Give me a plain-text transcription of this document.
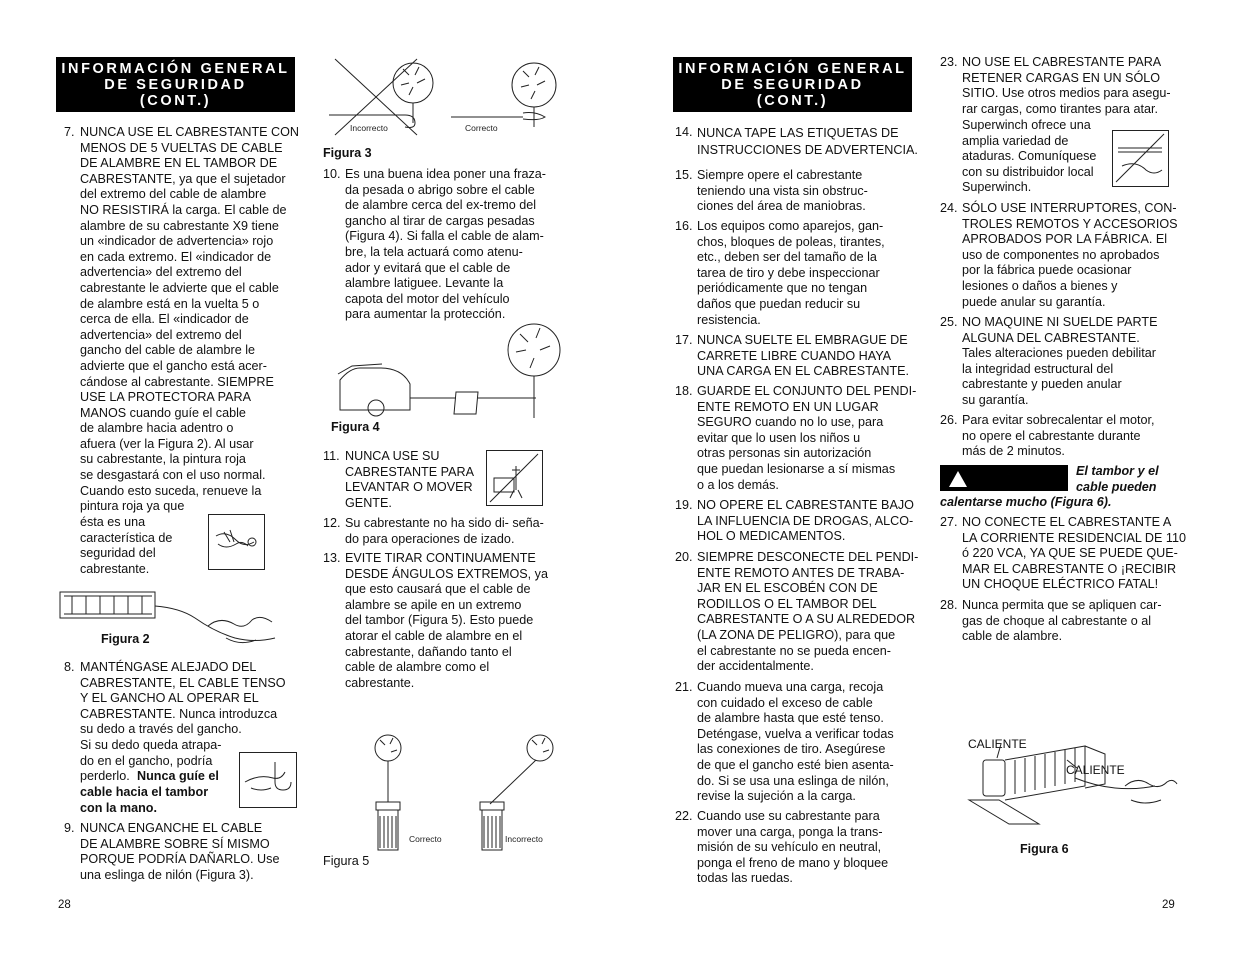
INFORMACIÓN GENERAL
DE SEGURIDAD
(CONT.)
7. NUNCA USE EL CABRESTANTE CON
MENOS DE 5 VUELTAS DE CABLE
DE ALAMBRE EN EL TAMBOR DE
CABRESTANTE, ya que el sujetador
del extremo del cable de alambre
NO RESISTIRÁ la carga. El cable de
alambre de su cabrestante X9 tiene
un «indicador de advertencia» rojo
en cada extremo. El «indicador de
advertencia» del extremo del
cabrestante le advierte que el cable
de alambre está en la vuelta 5 o
cerca de ella. El «indicador de
advertencia» del extremo del
gancho del cable de alambre le
advierte que el gancho está acer-
cándose al cabrestante. SIEMPRE
USE LA PROTECTORA PARA
MANOS cuando guíe el cable
de alambre hacia adentro o
afuera (ver la Figura 2). Al usar
su cabrestante, la pintura roja
se desgastará con el uso normal.
Cuando esto suceda, renueve la
pintura roja ya que
ésta es una
característica de
seguridad del
cabrestante.
Figura 2
8. MANTÉNGASE ALEJADO DEL
CABRESTANTE, EL CABLE TENSO
Y EL GANCHO AL OPERAR EL
CABRESTANTE. Nunca introduzca
su dedo a través del gancho.
Si su dedo queda atrapa-
do en el gancho, podría
perderlo. Nunca guíe el
cable hacia el tambor
con la mano.
9. NUNCA ENGANCHE EL CABLE
DE ALAMBRE SOBRE SÍ MISMO
PORQUE PODRÍA DAÑARLO. Use
una eslinga de nilón (Figura 3).
Incorrecto	Correcto
Figura 3
10. Es una buena idea poner una fraza-
da pesada o abrigo sobre el cable
de alambre cerca del ex-tremo del
gancho al tirar de cargas pesadas
(Figura 4). Si falla el cable de alam-
bre, la tela actuará como atenu-
ador y evitará que el cable de
alambre latiguee. Levante la
capota del motor del vehículo
para aumentar la protección.
Figura 4
11. NUNCA USE SU
CABRESTANTE PARA
LEVANTAR O MOVER
GENTE.
12. Su cabrestante no ha sido di- seña-
do para operaciones de izado.
13. EVITE TIRAR CONTINUAMENTE
DESDE ÁNGULOS EXTREMOS, ya
que esto causará que el cable de
alambre se apile en un extremo
del tambor (Figura 5). Esto puede
atorar el cable de alambre en el
cabrestante, dañando tanto el
cable de alambre como el
cabrestante.
Correcto	Incorrecto
Figura 5
28
INFORMACIÓN GENERAL
DE SEGURIDAD
(CONT.)
14. NUNCA TAPE LAS ETIQUETAS DE
INSTRUCCIONES DE ADVERTENCIA.
15. Siempre opere el cabrestante
teniendo una vista sin obstruc-
ciones del área de maniobras.
16. Los equipos como aparejos, gan-
chos, bloques de poleas, tirantes,
etc., deben ser del tamaño de la
tarea de tiro y debe inspeccionar
periódicamente que no tengan
daños que puedan reducir su
resistencia.
17. NUNCA SUELTE EL EMBRAGUE DE
CARRETE LIBRE CUANDO HAYA
UNA CARGA EN EL CABRESTANTE.
18. GUARDE EL CONJUNTO DEL PENDI-
ENTE REMOTO EN UN LUGAR
SEGURO cuando no lo use, para
evitar que lo usen los niños u
otras personas sin autorización
que puedan lesionarse a sí mismas
o a los demás.
19. NO OPERE EL CABRESTANTE BAJO
LA INFLUENCIA DE DROGAS, ALCO-
HOL O MEDICAMENTOS.
20. SIEMPRE DESCONECTE DEL PENDI-
ENTE REMOTO ANTES DE TRABA-
JAR EN EL ESCOBÉN CON DE
RODILLOS O EL TAMBOR DEL
CABRESTANTE O A SU ALREDEDOR
(LA ZONA DE PELIGRO), para que
el cabrestante no se pueda encen-
der accidentalmente.
21. Cuando mueva una carga, recoja
con cuidado el exceso de cable
de alambre hasta que esté tenso.
Deténgase, vuelva a verificar todas
las conexiones de tiro. Asegúrese
de que el gancho esté bien asenta-
do. Si se usa una eslinga de nilón,
revise la sujeción a la carga.
22. Cuando use su cabrestante para
mover una carga, ponga la trans-
misión de su vehículo en neutral,
ponga el freno de mano y bloquee
todas las ruedas.
23. NO USE EL CABRESTANTE PARA
RETENER CARGAS EN UN SÓLO
SITIO. Use otros medios para asegu-
rar cargas, como tirantes para atar.
Superwinch ofrece una
amplia variedad de
ataduras. Comuníquese
con su distribuidor local
Superwinch.
24. SÓLO USE INTERRUPTORES, CON-
TROLES REMOTOS Y ACCESORIOS
APROBADOS POR LA FÁBRICA. El
uso de componentes no aprobados
por la fábrica puede ocasionar
lesiones o daños a bienes y
puede anular su garantía.
25. NO MAQUINE NI SUELDE PARTE
ALGUNA DEL CABRESTANTE.
Tales alteraciones pueden debilitar
la integridad estructural del
cabrestante y pueden anular
su garantía.
26. Para evitar sobrecalentar el motor,
no opere el cabrestante durante
más de 2 minutos.
El tambor y el
cable pueden
calentarse mucho (Figura 6).
27. NO CONECTE EL CABRESTANTE A
LA CORRIENTE RESIDENCIAL DE 110
ó 220 VCA, YA QUE SE PUEDE QUE-
MAR EL CABRESTANTE O ¡RECIBIR
UN CHOQUE ELÉCTRICO FATAL!
28. Nunca permita que se apliquen car-
gas de choque al cabrestante o al
cable de alambre.
CALIENTE
CALIENTE
Figura 6
29
